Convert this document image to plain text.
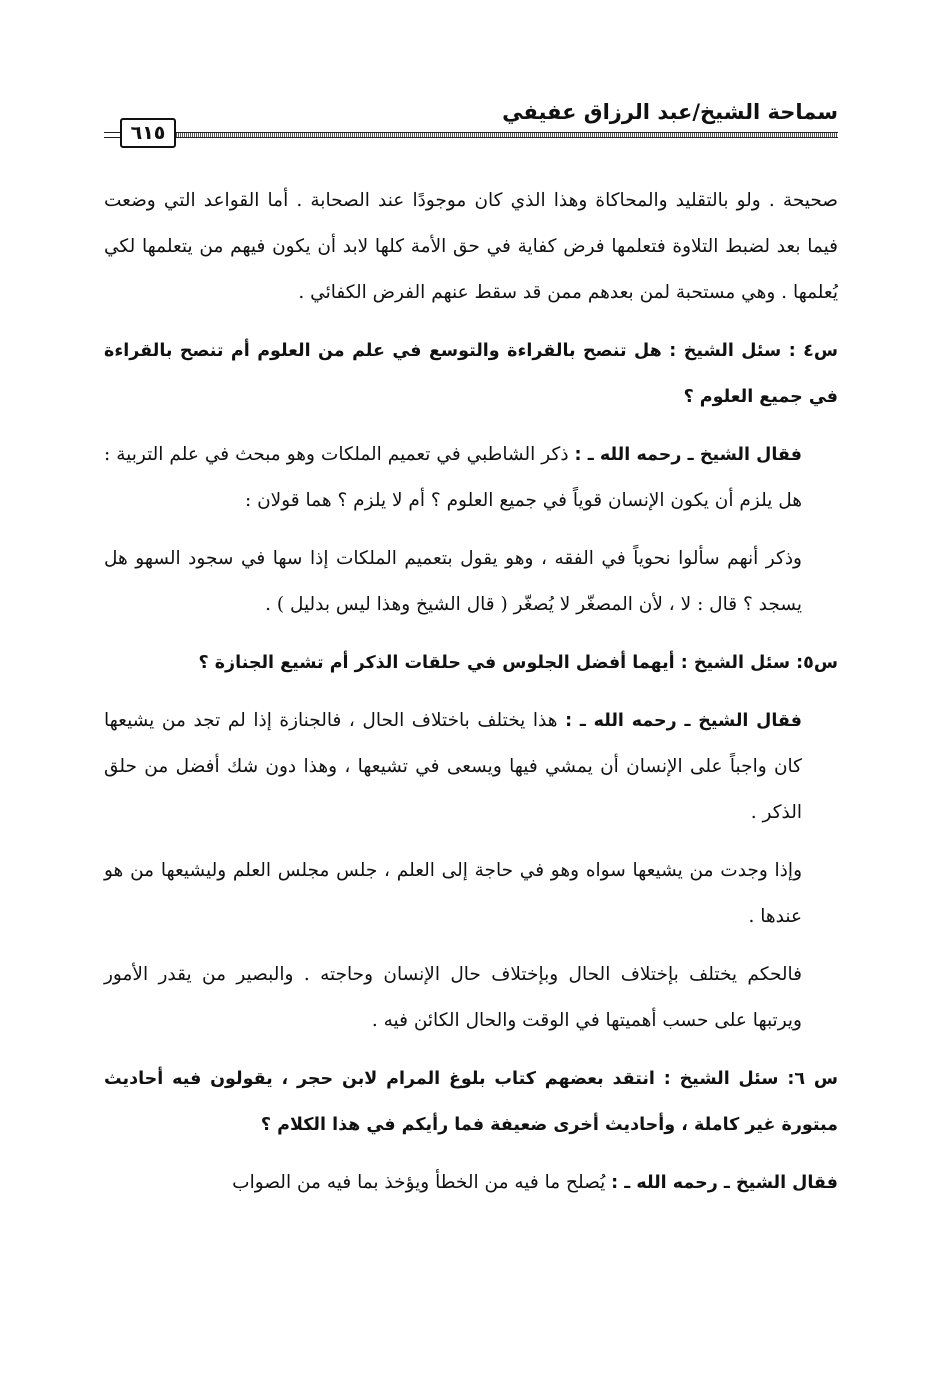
سماحة الشيخ/عبد الرزاق عفيفي
٦١٥

صحيحة . ولو بالتقليد والمحاكاة وهذا الذي كان موجودًا عند الصحابة . أما القواعد التي وضعت فيما بعد لضبط التلاوة فتعلمها فرض كفاية في حق الأمة كلها لابد أن يكون فيهم من يتعلمها لكي يُعلمها . وهي مستحبة لمن بعدهم ممن قد سقط عنهم الفرض الكفائي .

س٤ : سئل الشيخ : هل تنصح بالقراءة والتوسع في علم من العلوم أم تنصح بالقراءة في جميع العلوم ؟

فقال الشيخ ـ رحمه الله ـ : ذكر الشاطبي في تعميم الملكات وهو مبحث في علم التربية : هل يلزم أن يكون الإنسان قوياً في جميع العلوم ؟ أم لا يلزم ؟ هما قولان :

وذكر أنهم سألوا نحوياً في الفقه ، وهو يقول بتعميم الملكات إذا سها في سجود السهو هل يسجد ؟ قال : لا ، لأن المصغّر لا يُصغّر ( قال الشيخ وهذا ليس بدليل ) .

س٥: سئل الشيخ : أيهما أفضل الجلوس في حلقات الذكر أم تشيع الجنازة ؟

فقال الشيخ ـ رحمه الله ـ : هذا يختلف باختلاف الحال ، فالجنازة إذا لم تجد من يشيعها كان واجباً على الإنسان أن يمشي فيها ويسعى في تشيعها ، وهذا دون شك أفضل من حلق الذكر .

وإذا وجدت من يشيعها سواه وهو في حاجة إلى العلم ، جلس مجلس العلم وليشيعها من هو عندها .

فالحكم يختلف بإختلاف الحال وبإختلاف حال الإنسان وحاجته . والبصير من يقدر الأمور ويرتبها على حسب أهميتها في الوقت والحال الكائن فيه .

س ٦: سئل الشيخ : انتقد بعضهم كتاب بلوغ المرام لابن حجر ، يقولون فيه أحاديث مبتورة غير كاملة ، وأحاديث أخرى ضعيفة فما رأيكم في هذا الكلام ؟

فقال الشيخ ـ رحمه الله ـ : يُصلح ما فيه من الخطأ ويؤخذ بما فيه من الصواب
